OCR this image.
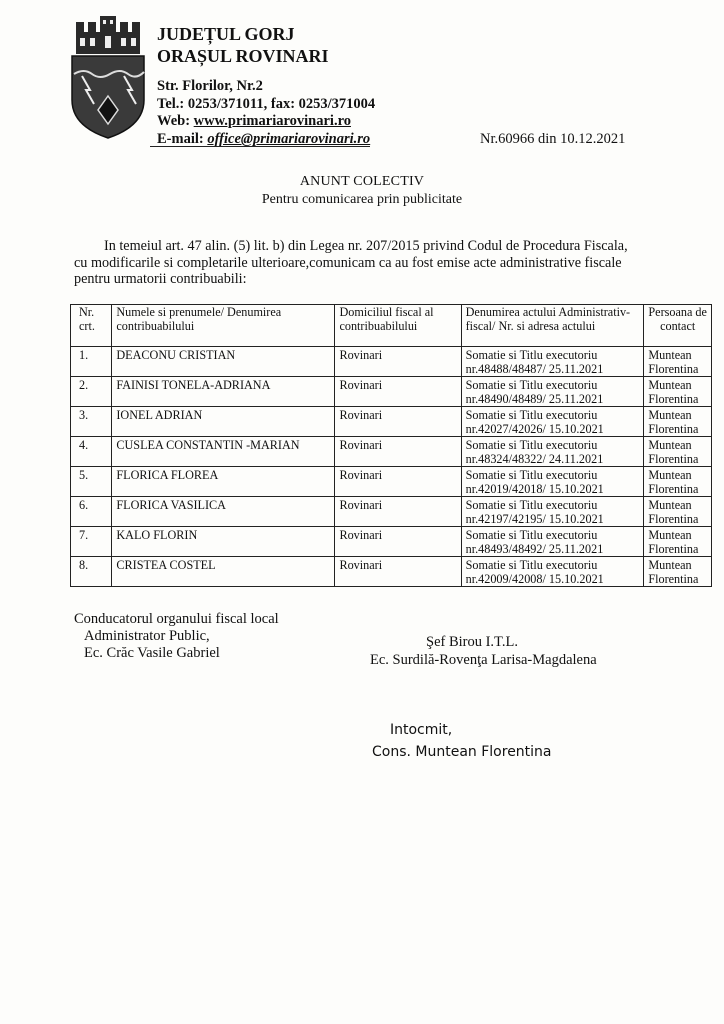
JUDEȚUL GORJ
ORAȘUL ROVINARI
Str. Florilor, Nr.2
Tel.: 0253/371011, fax: 0253/371004
Web: www.primariarovinari.ro
E-mail: office@primariarovinari.ro	Nr.60966 din 10.12.2021
ANUNT COLECTIV
Pentru comunicarea prin publicitate
In temeiul art. 47 alin. (5) lit. b) din Legea nr. 207/2015 privind Codul de Procedura Fiscala,
cu modificarile si completarile ulterioare,comunicam ca au fost emise acte administrative fiscale
pentru urmatorii contribuabili:
Nr. crt.	Numele si prenumele/ Denumirea contribuabilului	Domiciliul fiscal al contribuabilului	Denumirea actului Administrativ-fiscal/ Nr. si adresa actului	Persoana de contact
1.	DEACONU CRISTIAN	Rovinari	Somatie si Titlu executoriu
nr.48488/48487/ 25.11.2021	Muntean Florentina
2.	FAINISI TONELA-ADRIANA	Rovinari	Somatie si Titlu executoriu
nr.48490/48489/ 25.11.2021	Muntean Florentina
3.	IONEL ADRIAN	Rovinari	Somatie si Titlu executoriu
nr.42027/42026/ 15.10.2021	Muntean Florentina
4.	CUSLEA CONSTANTIN -MARIAN	Rovinari	Somatie si Titlu executoriu
nr.48324/48322/ 24.11.2021	Muntean Florentina
5.	FLORICA FLOREA	Rovinari	Somatie si Titlu executoriu
nr.42019/42018/ 15.10.2021	Muntean Florentina
6.	FLORICA VASILICA	Rovinari	Somatie si Titlu executoriu
nr.42197/42195/ 15.10.2021	Muntean Florentina
7.	KALO FLORIN	Rovinari	Somatie si Titlu executoriu
nr.48493/48492/ 25.11.2021	Muntean Florentina
8.	CRISTEA COSTEL	Rovinari	Somatie si Titlu executoriu
nr.42009/42008/ 15.10.2021	Muntean Florentina
Conducatorul organului fiscal local
Administrator Public,
Ec. Crăc Vasile Gabriel
Şef Birou I.T.L.
Ec. Surdilă-Rovenţa Larisa-Magdalena
Intocmit,
Cons. Muntean Florentina
